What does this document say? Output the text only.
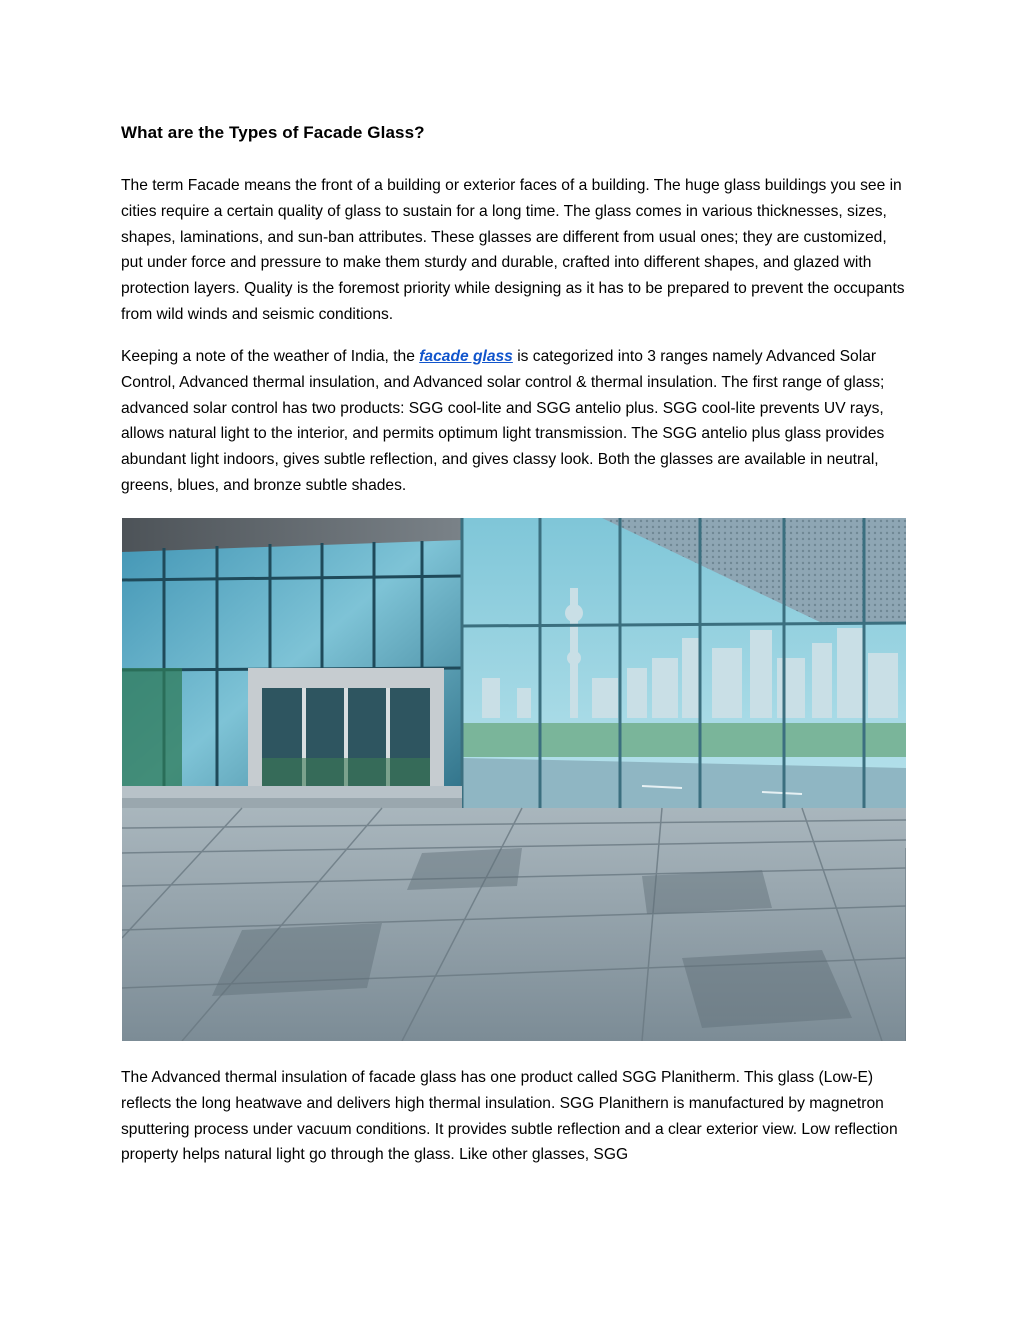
What are the Types of Facade Glass?

The term Facade means the front of a building or exterior faces of a building. The huge glass buildings you see in cities require a certain quality of glass to sustain for a long time. The glass comes in various thicknesses, sizes, shapes, laminations, and sun-ban attributes. These glasses are different from usual ones; they are customized, put under force and pressure to make them sturdy and durable, crafted into different shapes, and glazed with protection layers. Quality is the foremost priority while designing as it has to be prepared to prevent the occupants from wild winds and seismic conditions.

Keeping a note of the weather of India, the facade glass is categorized into 3 ranges namely Advanced Solar Control, Advanced thermal insulation, and Advanced solar control & thermal insulation. The first range of glass; advanced solar control has two products: SGG cool-lite and SGG antelio plus. SGG cool-lite prevents UV rays, allows natural light to the interior, and permits optimum light transmission. The SGG antelio plus glass provides abundant light indoors, gives subtle reflection, and gives classy look. Both the glasses are available in neutral, greens, blues, and bronze subtle shades.

The Advanced thermal insulation of facade glass has one product called SGG Planitherm. This glass (Low-E) reflects the long heatwave and delivers high thermal insulation. SGG Planithern is manufactured by magnetron sputtering process under vacuum conditions. It provides subtle reflection and a clear exterior view. Low reflection property helps natural light go through the glass. Like other glasses, SGG
